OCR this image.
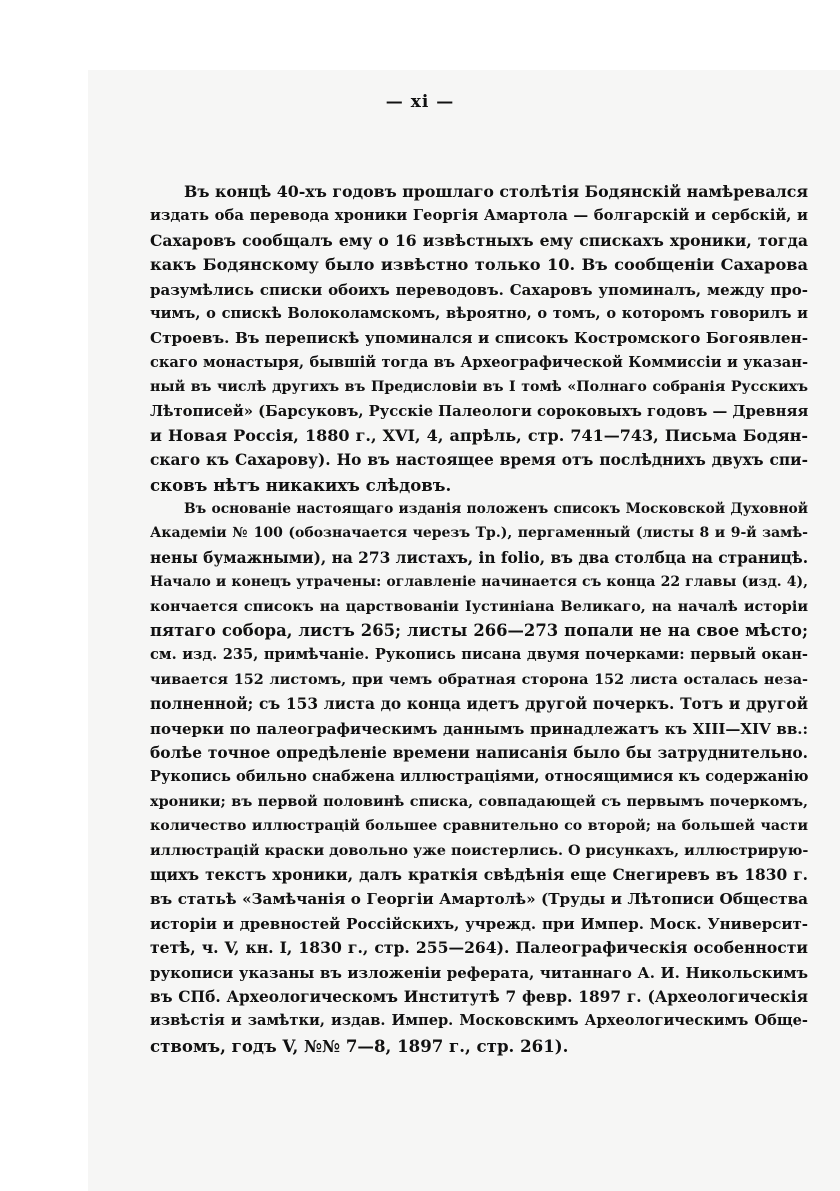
— xi —
Въ концѣ 40-хъ годовъ прошлаго столѣтія Бодянскій намѣревался
издать оба перевода хроники Георгія Амартола — болгарскій и сербскій, и
Сахаровъ сообщалъ ему о 16 извѣстныхъ ему спискахъ хроники, тогда
какъ Бодянскому было извѣстно только 10. Въ сообщеніи Сахарова
разумѣлись списки обоихъ переводовъ. Сахаровъ упоминалъ, между про-
чимъ, о спискѣ Волоколамскомъ, вѣроятно, о томъ, о которомъ говорилъ и
Строевъ. Въ перепискѣ упоминался и списокъ Костромского Богоявлен-
скаго монастыря, бывшій тогда въ Археографической Коммиссіи и указан-
ный въ числѣ другихъ въ Предисловіи въ I томѣ «Полнаго собранія Русскихъ
Лѣтописей» (Барсуковъ, Русскіе Палеологи сороковыхъ годовъ — Древняя
и Новая Россія, 1880 г., XVI, 4, апрѣль, стр. 741—743, Письма Бодян-
скаго къ Сахарову). Но въ настоящее время отъ послѣднихъ двухъ спи-
сковъ нѣтъ никакихъ слѣдовъ.
Въ основаніе настоящаго изданія положенъ списокъ Московской Духовной
Академіи № 100 (обозначается черезъ Тр.), пергаменный (листы 8 и 9-й замѣ-
нены бумажными), на 273 листахъ, in folio, въ два столбца на страницѣ.
Начало и конецъ утрачены: оглавленіе начинается съ конца 22 главы (изд. 4),
кончается списокъ на царствованіи Іустиніана Великаго, на началѣ исторіи
пятаго собора, листъ 265; листы 266—273 попали не на свое мѣсто;
см. изд. 235, примѣчаніе. Рукопись писана двумя почерками: первый окан-
чивается 152 листомъ, при чемъ обратная сторона 152 листа осталась неза-
полненной; съ 153 листа до конца идетъ другой почеркъ. Тотъ и другой
почерки по палеографическимъ даннымъ принадлежатъ къ XIII—XIV вв.:
болѣе точное опредѣленіе времени написанія было бы затруднительно.
Рукопись обильно снабжена иллюстраціями, относящимися къ содержанію
хроники; въ первой половинѣ списка, совпадающей съ первымъ почеркомъ,
количество иллюстрацій большее сравнительно со второй; на большей части
иллюстрацій краски довольно уже поистерлись. О рисункахъ, иллюстрирую-
щихъ текстъ хроники, далъ краткія свѣдѣнія еще Снегиревъ въ 1830 г.
въ статьѣ «Замѣчанія о Георгіи Амартолѣ» (Труды и Лѣтописи Общества
исторіи и древностей Россійскихъ, учрежд. при Импер. Моск. Университ-
тетѣ, ч. V, кн. I, 1830 г., стр. 255—264). Палеографическія особенности
рукописи указаны въ изложеніи реферата, читаннаго А. И. Никольскимъ
въ СПб. Археологическомъ Институтѣ 7 февр. 1897 г. (Археологическія
извѣстія и замѣтки, издав. Импер. Московскимъ Археологическимъ Обще-
ствомъ, годъ V, №№ 7—8, 1897 г., стр. 261).
